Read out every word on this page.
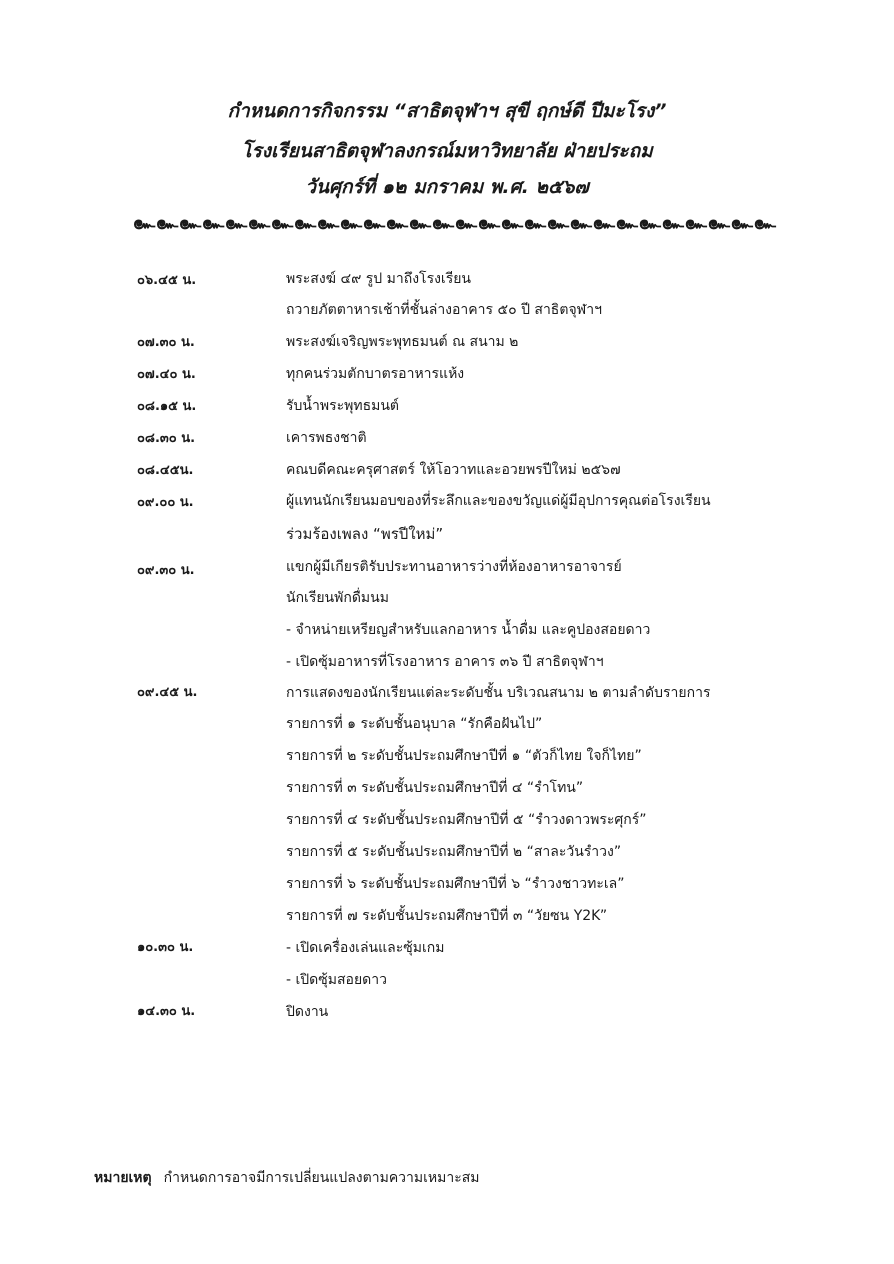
กำหนดการกิจกรรม “สาธิตจุฬาฯ สุขี ฤกษ์ดี ปีมะโรง”
โรงเรียนสาธิตจุฬาลงกรณ์มหาวิทยาลัย ฝ่ายประถม
วันศุกร์ที่ ๑๒ มกราคม พ.ศ. ๒๕๖๗
๛๛๛๛๛๛๛๛๛๛๛๛๛๛๛๛๛๛๛๛๛๛๛๛๛๛๛๛
๐๖.๔๕ น.
๐๗.๓๐ น.
๐๗.๔๐ น.
๐๘.๑๕ น.
๐๘.๓๐ น.
๐๘.๔๕น.
๐๙.๐๐ น.
๐๙.๓๐ น.
๐๙.๔๕ น.
๑๐.๓๐ น.
๑๔.๓๐ น.
พระสงฆ์ ๔๙ รูป มาถึงโรงเรียน
ถวายภัตตาหารเช้าที่ชั้นล่างอาคาร ๕๐ ปี สาธิตจุฬาฯ
พระสงฆ์เจริญพระพุทธมนต์ ณ สนาม ๒
ทุกคนร่วมตักบาตรอาหารแห้ง
รับน้ำพระพุทธมนต์
เคารพธงชาติ
คณบดีคณะครุศาสตร์ ให้โอวาทและอวยพรปีใหม่ ๒๕๖๗
ผู้แทนนักเรียนมอบของที่ระลึกและของขวัญแด่ผู้มีอุปการคุณต่อโรงเรียน
ร่วมร้องเพลง “พรปีใหม่”
แขกผู้มีเกียรติรับประทานอาหารว่างที่ห้องอาหารอาจารย์
นักเรียนพักดื่มนม
- จำหน่ายเหรียญสำหรับแลกอาหาร น้ำดื่ม และคูปองสอยดาว
- เปิดซุ้มอาหารที่โรงอาหาร อาคาร ๓๖ ปี สาธิตจุฬาฯ
การแสดงของนักเรียนแต่ละระดับชั้น บริเวณสนาม ๒ ตามลำดับรายการ
รายการที่ ๑ ระดับชั้นอนุบาล “รักคือฝันไป”
รายการที่ ๒ ระดับชั้นประถมศึกษาปีที่ ๑ “ตัวก็ไทย ใจก็ไทย”
รายการที่ ๓ ระดับชั้นประถมศึกษาปีที่ ๔ “รำโทน”
รายการที่ ๔ ระดับชั้นประถมศึกษาปีที่ ๕ “รำวงดาวพระศุกร์”
รายการที่ ๕ ระดับชั้นประถมศึกษาปีที่ ๒ “สาละวันรำวง”
รายการที่ ๖ ระดับชั้นประถมศึกษาปีที่ ๖ “รำวงชาวทะเล”
รายการที่ ๗ ระดับชั้นประถมศึกษาปีที่ ๓ “วัยซน Y2K”
- เปิดเครื่องเล่นและซุ้มเกม
- เปิดซุ้มสอยดาว
ปิดงาน
หมายเหตุ กำหนดการอาจมีการเปลี่ยนแปลงตามความเหมาะสม
